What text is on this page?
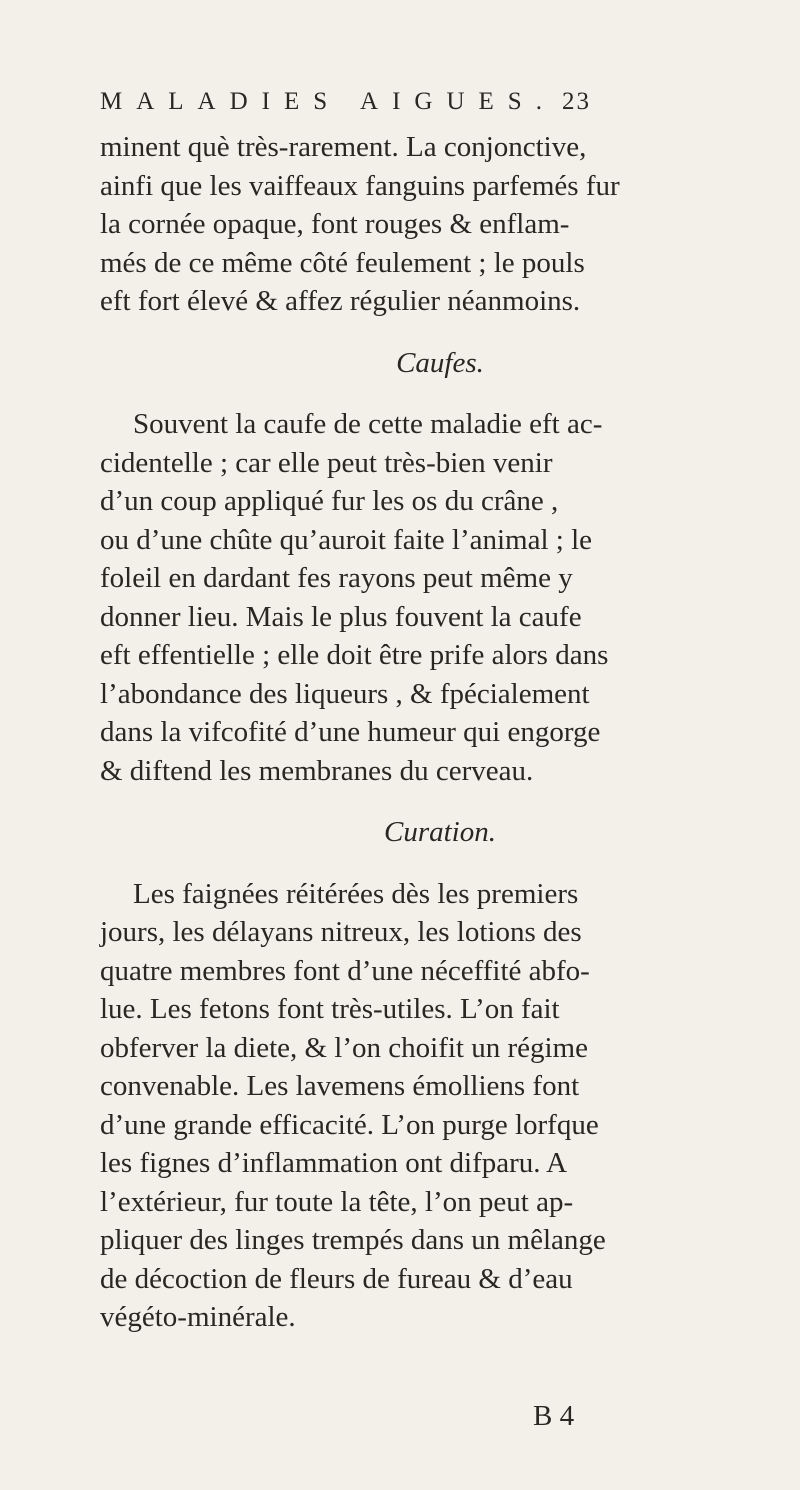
MALADIES AIGUES. 23
minent què très-rarement. La conjonctive,
ainfi que les vaiffeaux fanguins parfemés fur
la cornée opaque, font rouges & enflam-
més de ce même côté feulement ; le pouls
eft fort élevé & affez régulier néanmoins.
Caufes.
Souvent la caufe de cette maladie eft ac-
cidentelle ; car elle peut très-bien venir
d’un coup appliqué fur les os du crâne ,
ou d’une chûte qu’auroit faite l’animal ; le
foleil en dardant fes rayons peut même y
donner lieu. Mais le plus fouvent la caufe
eft effentielle ; elle doit être prife alors dans
l’abondance des liqueurs , & fpécialement
dans la vifcofité d’une humeur qui engorge
& diftend les membranes du cerveau.
Curation.
Les faignées réitérées dès les premiers
jours, les délayans nitreux, les lotions des
quatre membres font d’une néceffité abfo-
lue. Les fetons font très-utiles. L’on fait
obferver la diete, & l’on choifit un régime
convenable. Les lavemens émolliens font
d’une grande efficacité. L’on purge lorfque
les fignes d’inflammation ont difparu. A
l’extérieur, fur toute la tête, l’on peut ap-
pliquer des linges trempés dans un mêlange
de décoction de fleurs de fureau & d’eau
végéto-minérale.
B 4
